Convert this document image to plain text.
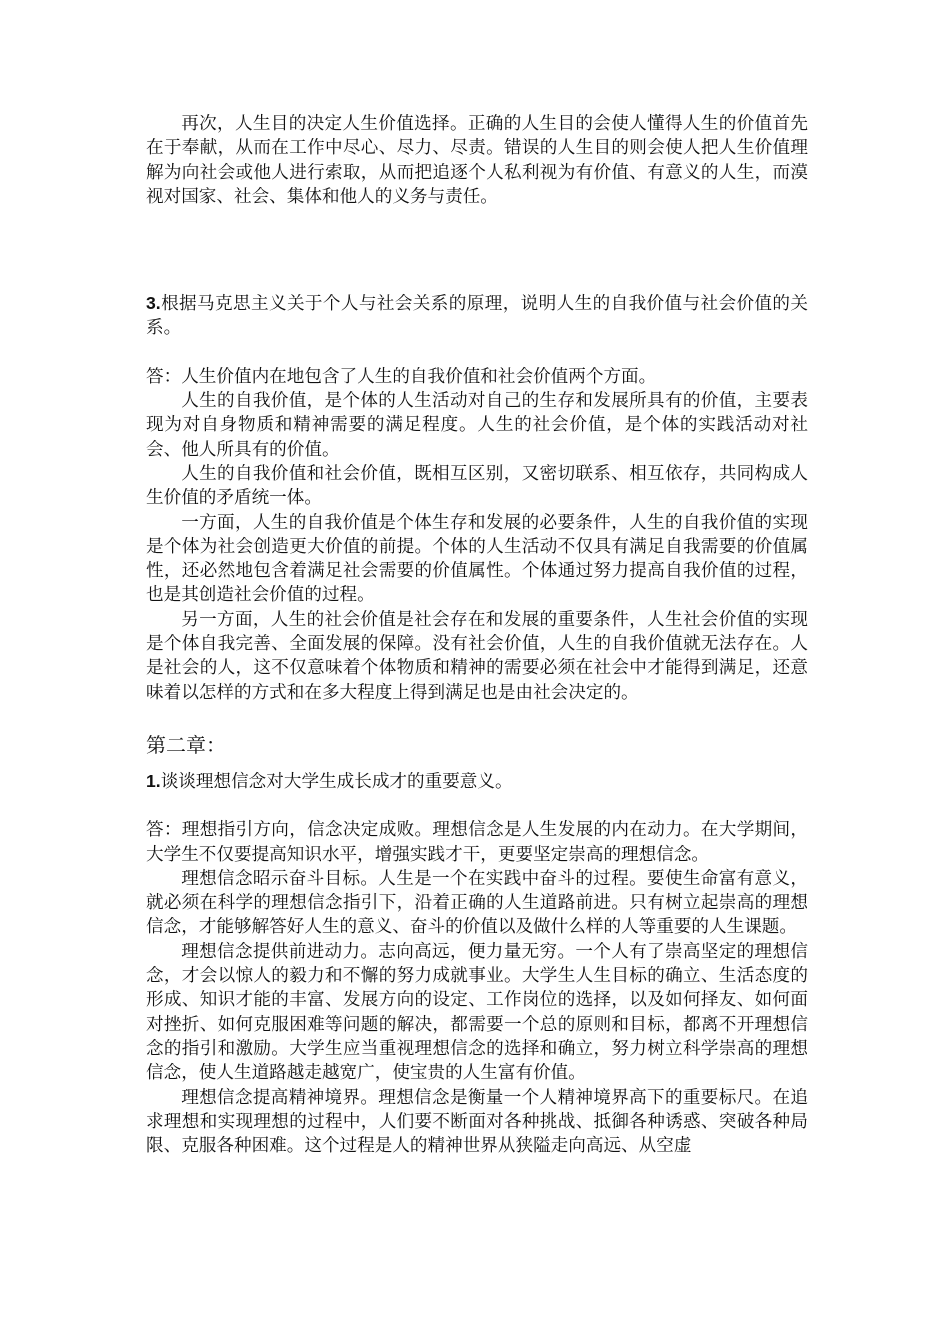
再次，人生目的决定人生价值选择。正确的人生目的会使人懂得人生的价值首先在于奉献，从而在工作中尽心、尽力、尽责。错误的人生目的则会使人把人生价值理解为向社会或他人进行索取，从而把追逐个人私利视为有价值、有意义的人生，而漠视对国家、社会、集体和他人的义务与责任。

3.根据马克思主义关于个人与社会关系的原理，说明人生的自我价值与社会价值的关系。

答：人生价值内在地包含了人生的自我价值和社会价值两个方面。

人生的自我价值，是个体的人生活动对自己的生存和发展所具有的价值，主要表现为对自身物质和精神需要的满足程度。人生的社会价值，是个体的实践活动对社会、他人所具有的价值。

人生的自我价值和社会价值，既相互区别，又密切联系、相互依存，共同构成人生价值的矛盾统一体。

一方面，人生的自我价值是个体生存和发展的必要条件，人生的自我价值的实现是个体为社会创造更大价值的前提。个体的人生活动不仅具有满足自我需要的价值属性，还必然地包含着满足社会需要的价值属性。个体通过努力提高自我价值的过程，也是其创造社会价值的过程。

另一方面，人生的社会价值是社会存在和发展的重要条件，人生社会价值的实现是个体自我完善、全面发展的保障。没有社会价值，人生的自我价值就无法存在。人是社会的人，这不仅意味着个体物质和精神的需要必须在社会中才能得到满足，还意味着以怎样的方式和在多大程度上得到满足也是由社会决定的。

第二章：

1.谈谈理想信念对大学生成长成才的重要意义。

答：理想指引方向，信念决定成败。理想信念是人生发展的内在动力。在大学期间，大学生不仅要提高知识水平，增强实践才干，更要坚定崇高的理想信念。

理想信念昭示奋斗目标。人生是一个在实践中奋斗的过程。要使生命富有意义，就必须在科学的理想信念指引下，沿着正确的人生道路前进。只有树立起崇高的理想信念，才能够解答好人生的意义、奋斗的价值以及做什么样的人等重要的人生课题。

理想信念提供前进动力。志向高远，便力量无穷。一个人有了崇高坚定的理想信念，才会以惊人的毅力和不懈的努力成就事业。大学生人生目标的确立、生活态度的形成、知识才能的丰富、发展方向的设定、工作岗位的选择，以及如何择友、如何面对挫折、如何克服困难等问题的解决，都需要一个总的原则和目标，都离不开理想信念的指引和激励。大学生应当重视理想信念的选择和确立，努力树立科学崇高的理想信念，使人生道路越走越宽广，使宝贵的人生富有价值。

理想信念提高精神境界。理想信念是衡量一个人精神境界高下的重要标尺。在追求理想和实现理想的过程中，人们要不断面对各种挑战、抵御各种诱惑、突破各种局限、克服各种困难。这个过程是人的精神世界从狭隘走向高远、从空虚
